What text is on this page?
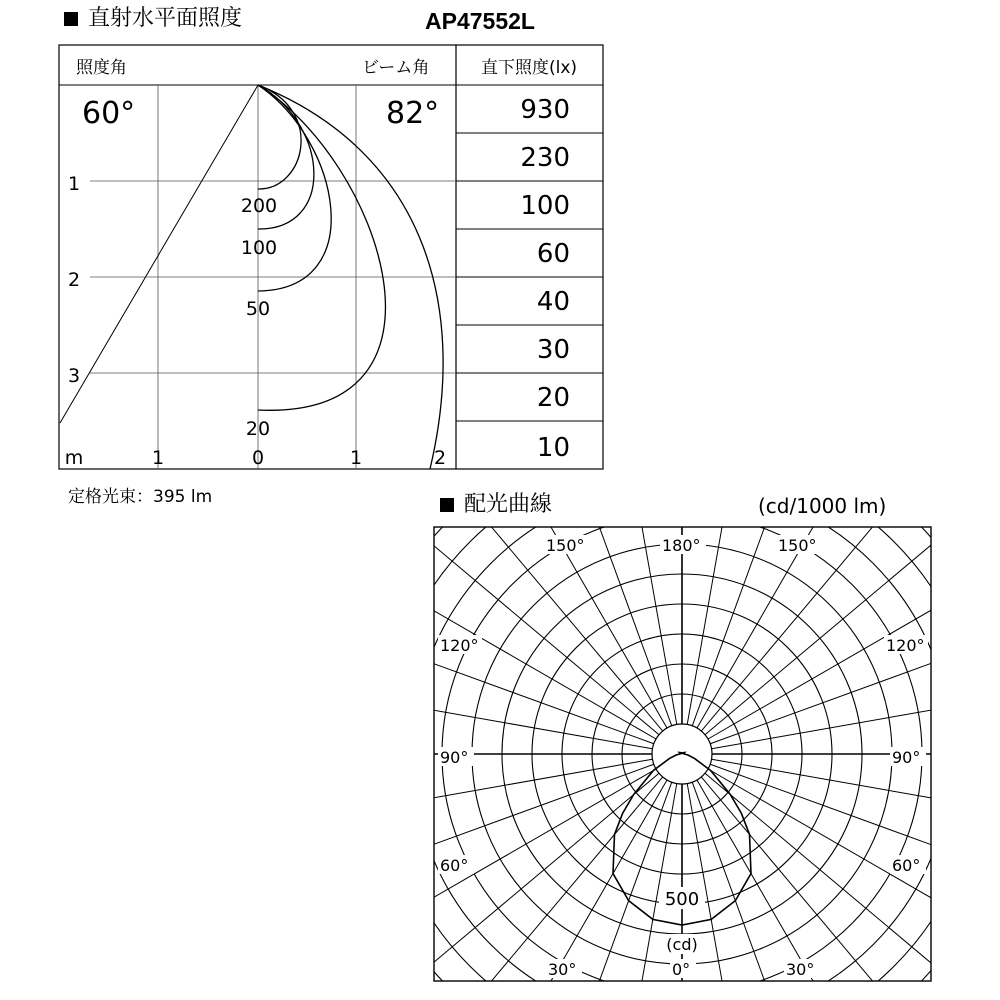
直射水平面照度	AP47552L
照度角	ビーム角	直下照度(lx)
60°	82°	930
230
100
60
40
30
20
10
200
100
50
20
1
2
3
m	1	0	1	2
定格光束：395 lm	配光曲線	(cd/1000 lm)
150°	180°	150°
120°	120°
90°	90°
60°	60°
30°	0°	30°
500
(cd)
